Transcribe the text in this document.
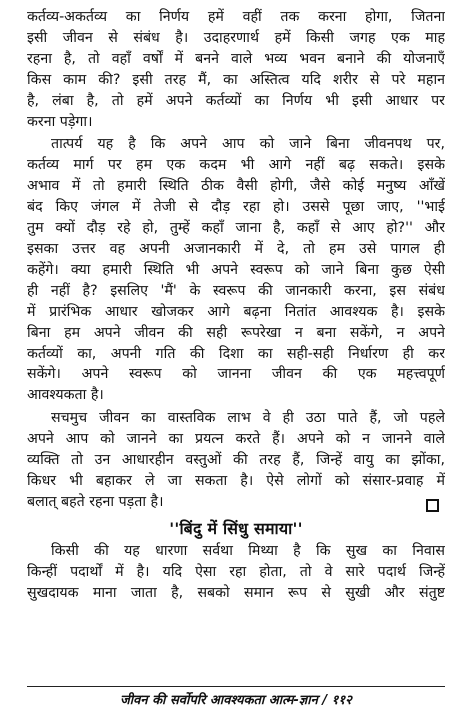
कर्तव्य-अकर्तव्य का निर्णय हमें वहीं तक करना होगा, जितना
इसी जीवन से संबंध है। उदाहरणार्थ हमें किसी जगह एक माह
रहना है, तो वहाँ वर्षों में बनने वाले भव्य भवन बनाने की योजनाएँ
किस काम की? इसी तरह मैं, का अस्तित्व यदि शरीर से परे महान
है, लंबा है, तो हमें अपने कर्तव्यों का निर्णय भी इसी आधार पर
करना पड़ेगा।

तात्पर्य यह है कि अपने आप को जाने बिना जीवनपथ पर,
कर्तव्य मार्ग पर हम एक कदम भी आगे नहीं बढ़ सकते। इसके
अभाव में तो हमारी स्थिति ठीक वैसी होगी, जैसे कोई मनुष्य आँखें
बंद किए जंगल में तेजी से दौड़ रहा हो। उससे पूछा जाए, ''भाई
तुम क्यों दौड़ रहे हो, तुम्हें कहाँ जाना है, कहाँ से आए हो?'' और
इसका उत्तर वह अपनी अजानकारी में दे, तो हम उसे पागल ही
कहेंगे। क्या हमारी स्थिति भी अपने स्वरूप को जाने बिना कुछ ऐसी
ही नहीं है? इसलिए 'मैं' के स्वरूप की जानकारी करना, इस संबंध
में प्रारंभिक आधार खोजकर आगे बढ़ना नितांत आवश्यक है। इसके
बिना हम अपने जीवन की सही रूपरेखा न बना सकेंगे, न अपने
कर्तव्यों का, अपनी गति की दिशा का सही-सही निर्धारण ही कर
सकेंगे। अपने स्वरूप को जानना जीवन की एक महत्त्वपूर्ण
आवश्यकता है।

सचमुच जीवन का वास्तविक लाभ वे ही उठा पाते हैं, जो पहले
अपने आप को जानने का प्रयत्न करते हैं। अपने को न जानने वाले
व्यक्ति तो उन आधारहीन वस्तुओं की तरह हैं, जिन्हें वायु का झोंका,
किधर भी बहाकर ले जा सकता है। ऐसे लोगों को संसार-प्रवाह में
बलात् बहते रहना पड़ता है।

''बिंदु में सिंधु समाया''

किसी की यह धारणा सर्वथा मिथ्या है कि सुख का निवास
किन्हीं पदार्थों में है। यदि ऐसा रहा होता, तो वे सारे पदार्थ जिन्हें
सुखदायक माना जाता है, सबको समान रूप से सुखी और संतुष्ट

जीवन की सर्वोपरि आवश्यकता आत्म-ज्ञान / ११२
